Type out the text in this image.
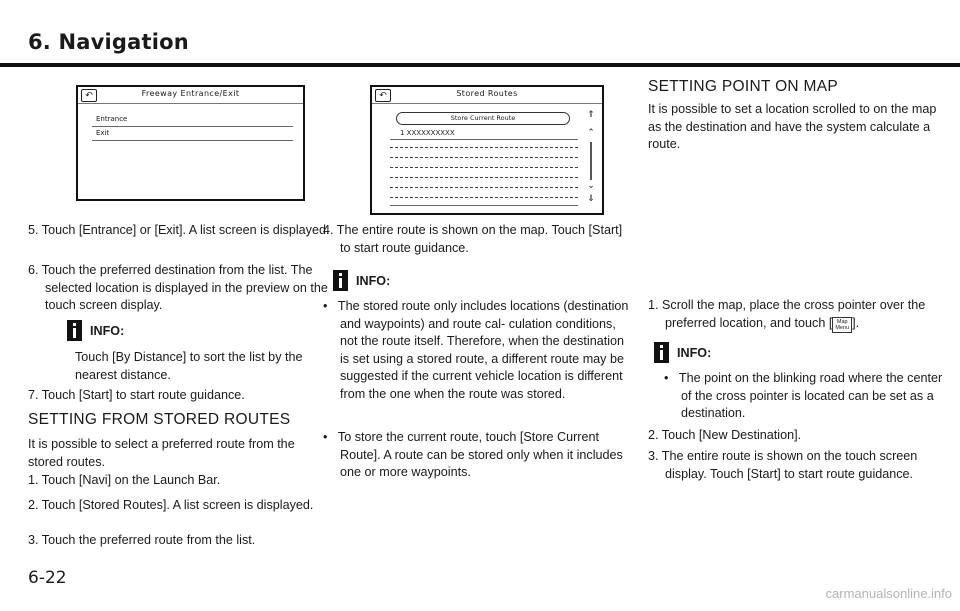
6. Navigation
↶	Freeway Entrance/Exit
Entrance
Exit
↶	Stored Routes
Store Current Route
1 XXXXXXXXXX
⇑
⌃
⌄
⇓

5. Touch [Entrance] or [Exit]. A list screen is displayed.

6. Touch the preferred destination from the list. The selected location is displayed in the preview on the touch screen display.

INFO:

Touch [By Distance] to sort the list by the nearest distance.

7. Touch [Start] to start route guidance.

SETTING FROM STORED ROUTES

It is possible to select a preferred route from the stored routes.

1. Touch [Navi] on the Launch Bar.

2. Touch [Stored Routes]. A list screen is displayed.

3. Touch the preferred route from the list.

4. The entire route is shown on the map. Touch [Start] to start route guidance.

INFO:

•   The stored route only includes locations (destination and waypoints) and route cal- culation conditions, not the route itself. Therefore, when the destination is set using a stored route, a different route may be suggested if the current vehicle location is different from the one when the route was stored.

•   To store the current route, touch [Store Current Route]. A route can be stored only when it includes one or more waypoints.

SETTING POINT ON MAP

It is possible to set a location scrolled to on the map as the destination and have the system calculate a route.

1. Scroll the map, place the cross pointer over the preferred location, and touch [ Map
Menu ].

INFO:

•   The point on the blinking road where the center of the cross pointer is located can be set as a destination.

2. Touch [New Destination].

3. The entire route is shown on the touch screen display. Touch [Start] to start route guidance.

6-22
carmanualsonline.info
